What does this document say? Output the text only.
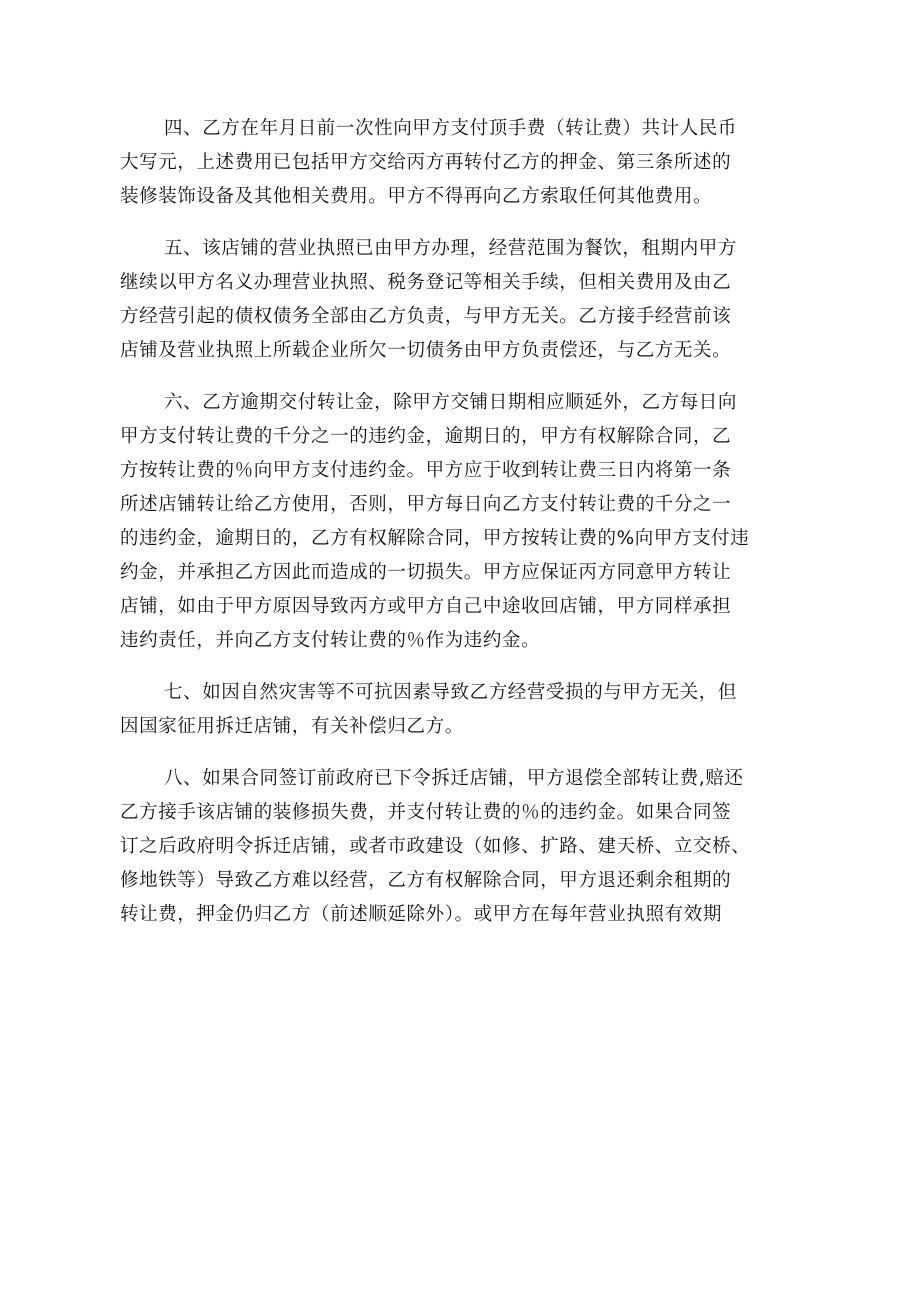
四、乙方在年月日前一次性向甲方支付顶手费（转让费）共计人民币
大写元，上述费用已包括甲方交给丙方再转付乙方的押金、第三条所述的
装修装饰设备及其他相关费用。甲方不得再向乙方索取任何其他费用。
五、该店铺的营业执照已由甲方办理，经营范围为餐饮，租期内甲方
继续以甲方名义办理营业执照、税务登记等相关手续，但相关费用及由乙
方经营引起的债权债务全部由乙方负责，与甲方无关。乙方接手经营前该
店铺及营业执照上所载企业所欠一切债务由甲方负责偿还，与乙方无关。
六、乙方逾期交付转让金，除甲方交铺日期相应顺延外，乙方每日向
甲方支付转让费的千分之一的违约金，逾期日的，甲方有权解除合同，乙
方按转让费的％向甲方支付违约金。甲方应于收到转让费三日内将第一条
所述店铺转让给乙方使用，否则，甲方每日向乙方支付转让费的千分之一
的违约金，逾期日的，乙方有权解除合同，甲方按转让费的%向甲方支付违
约金，并承担乙方因此而造成的一切损失。甲方应保证丙方同意甲方转让
店铺，如由于甲方原因导致丙方或甲方自己中途收回店铺，甲方同样承担
违约责任，并向乙方支付转让费的％作为违约金。
七、如因自然灾害等不可抗因素导致乙方经营受损的与甲方无关，但
因国家征用拆迁店铺，有关补偿归乙方。
八、如果合同签订前政府已下令拆迁店铺，甲方退偿全部转让费,赔还
乙方接手该店铺的装修损失费，并支付转让费的％的违约金。如果合同签
订之后政府明令拆迁店铺，或者市政建设（如修、扩路、建天桥、立交桥、
修地铁等）导致乙方难以经营，乙方有权解除合同，甲方退还剩余租期的
转让费，押金仍归乙方（前述顺延除外）。或甲方在每年营业执照有效期
